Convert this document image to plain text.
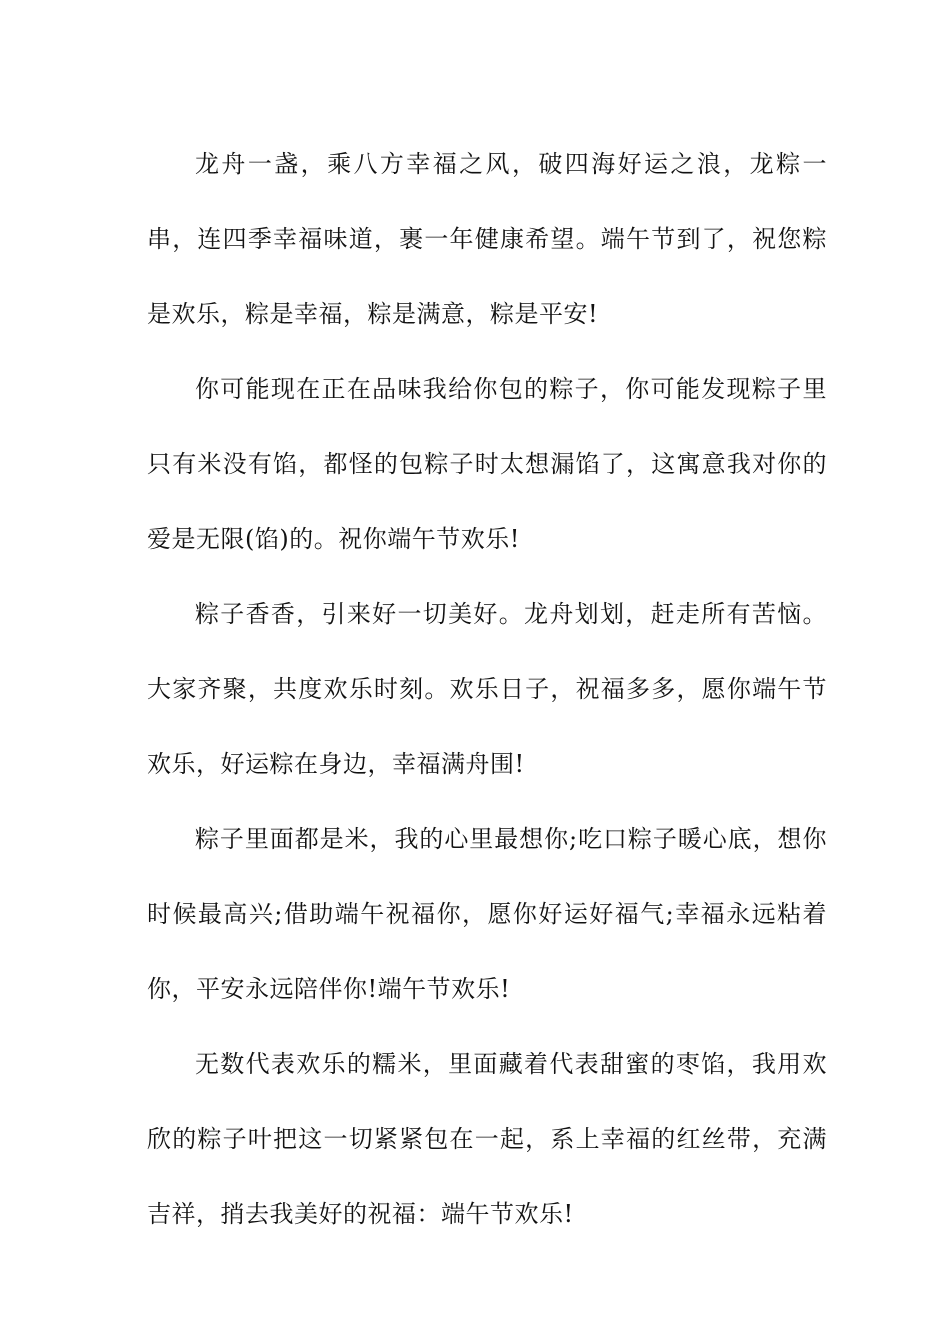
龙舟一盏，乘八方幸福之风，破四海好运之浪，龙粽一串，连四季幸福味道，裹一年健康希望。端午节到了，祝您粽是欢乐，粽是幸福，粽是满意，粽是平安!

你可能现在正在品味我给你包的粽子，你可能发现粽子里只有米没有馅，都怪的包粽子时太想漏馅了，这寓意我对你的爱是无限(馅)的。祝你端午节欢乐!

粽子香香，引来好一切美好。龙舟划划，赶走所有苦恼。大家齐聚，共度欢乐时刻。欢乐日子，祝福多多，愿你端午节欢乐，好运粽在身边，幸福满舟围!

粽子里面都是米，我的心里最想你;吃口粽子暖心底，想你时候最高兴;借助端午祝福你，愿你好运好福气;幸福永远粘着你，平安永远陪伴你!端午节欢乐!

无数代表欢乐的糯米，里面藏着代表甜蜜的枣馅，我用欢欣的粽子叶把这一切紧紧包在一起，系上幸福的红丝带，充满吉祥，捎去我美好的祝福：端午节欢乐!
